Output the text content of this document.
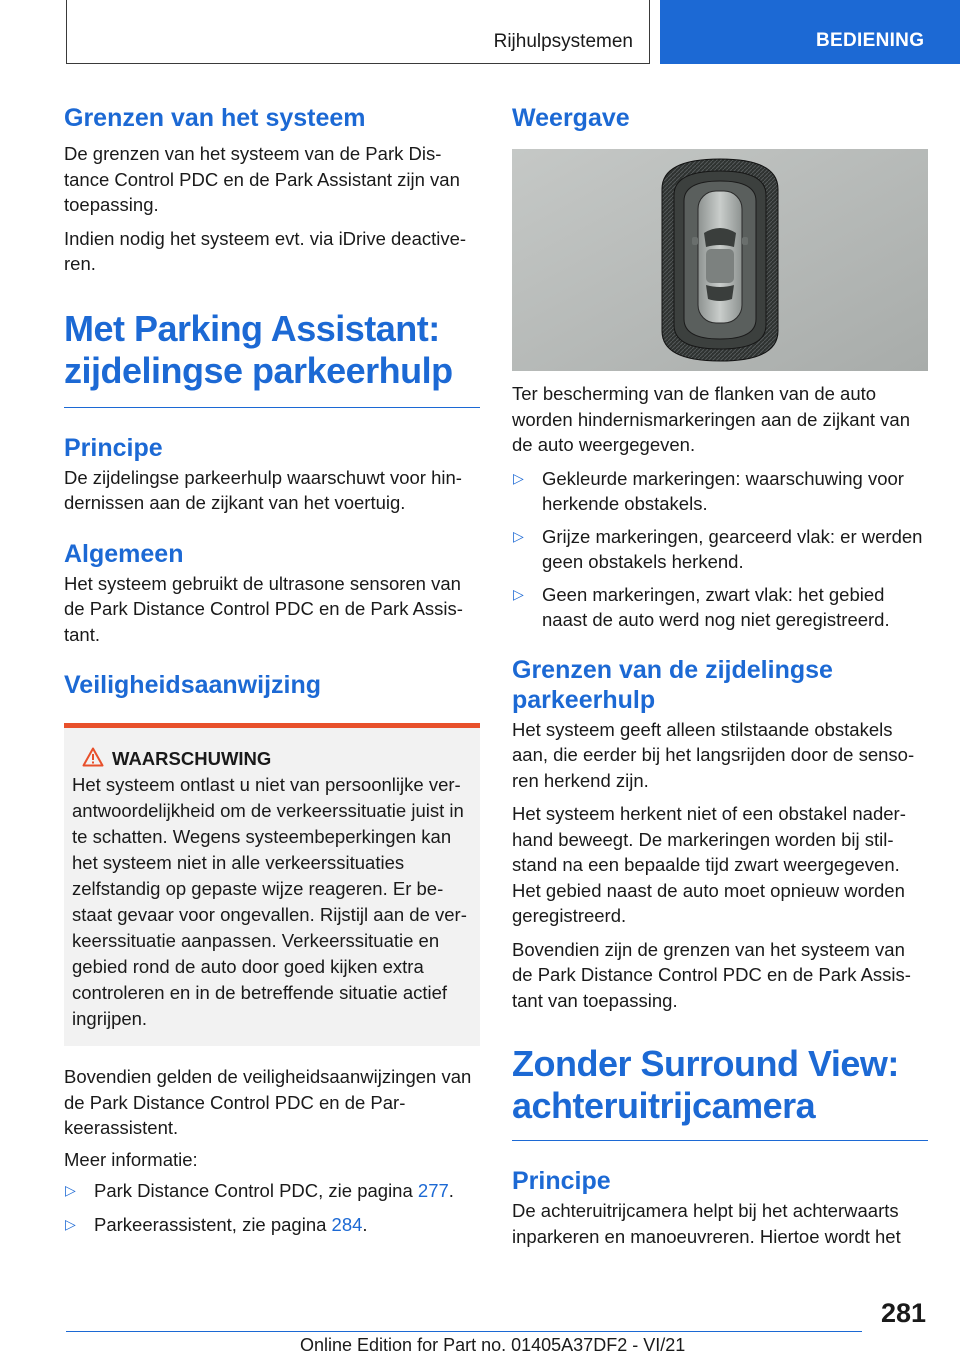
Rijhulpsystemen	BEDIENING
Grenzen van het systeem

De grenzen van het systeem van de Park Dis-tance Control PDC en de Park Assistant zijn van toepassing.

Indien nodig het systeem evt. via iDrive deactive-ren.

Met Parking Assistant:
zijdelingse parkeerhulp
Principe

De zijdelingse parkeerhulp waarschuwt voor hin-dernissen aan de zijkant van het voertuig.

Algemeen

Het systeem gebruikt de ultrasone sensoren van de Park Distance Control PDC en de Park Assis-tant.

Veiligheidsaanwijzing
WAARSCHUWING

Het systeem ontlast u niet van persoonlijke ver-antwoordelijkheid om de verkeerssituatie juist in te schatten. Wegens systeembeperkingen kan het systeem niet in alle verkeerssituaties zelfstandig op gepaste wijze reageren. Er be-staat gevaar voor ongevallen. Rijstijl aan de ver-keerssituatie aanpassen. Verkeerssituatie en gebied rond de auto door goed kijken extra controleren en in de betreffende situatie actief ingrijpen.

Bovendien gelden de veiligheidsaanwijzingen van de Park Distance Control PDC en de Par-keerassistent.

Meer informatie:

▷ Park Distance Control PDC, zie pagina 277.
▷ Parkeerassistent, zie pagina 284.
Weergave

Ter bescherming van de flanken van de auto worden hindernismarkeringen aan de zijkant van de auto weergegeven.

▷ Gekleurde markeringen: waarschuwing voor herkende obstakels.
▷ Grijze markeringen, gearceerd vlak: er werden geen obstakels herkend.
▷ Geen markeringen, zwart vlak: het gebied naast de auto werd nog niet geregistreerd.
Grenzen van de zijdelingse
parkeerhulp

Het systeem geeft alleen stilstaande obstakels aan, die eerder bij het langsrijden door de senso-ren herkend zijn.

Het systeem herkent niet of een obstakel nader-hand beweegt. De markeringen worden bij stil-stand na een bepaalde tijd zwart weergegeven. Het gebied naast de auto moet opnieuw worden geregistreerd.

Bovendien zijn de grenzen van het systeem van de Park Distance Control PDC en de Park Assis-tant van toepassing.

Zonder Surround View:
achteruitrijcamera
Principe

De achteruitrijcamera helpt bij het achterwaarts inparkeren en manoeuvreren. Hiertoe wordt het

281
Online Edition for Part no. 01405A37DF2 - VI/21
